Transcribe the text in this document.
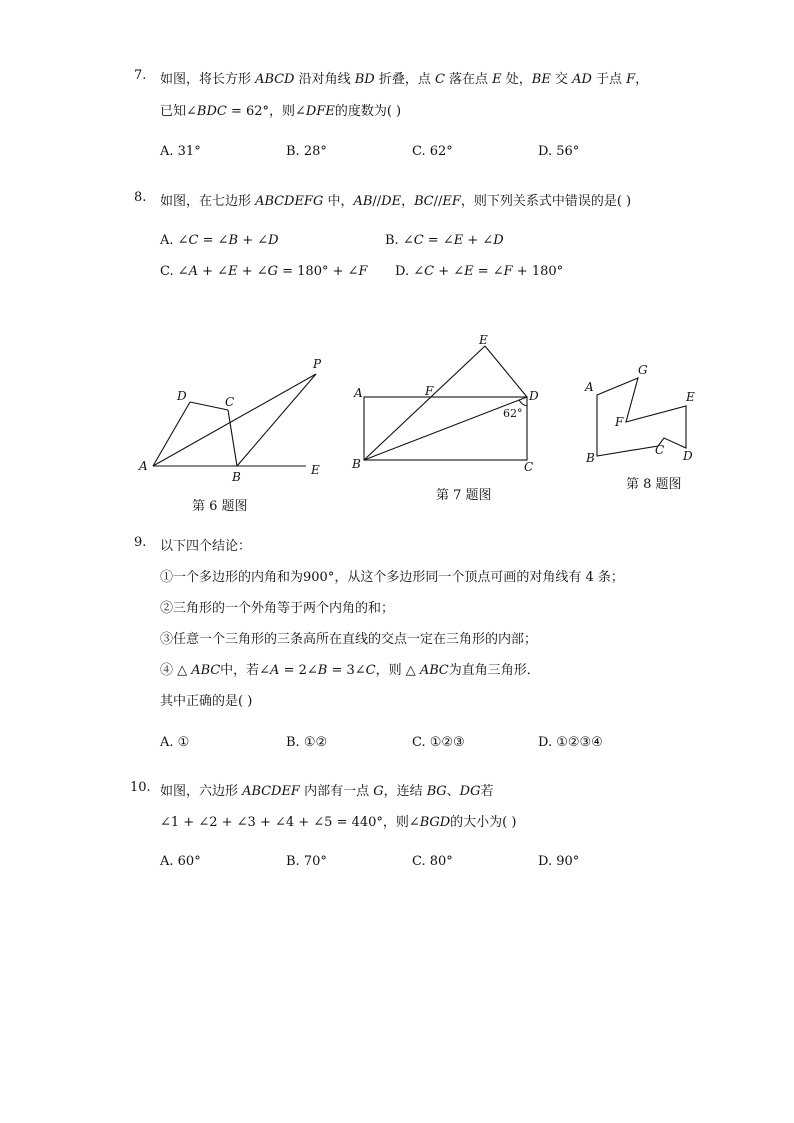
7. 如图，将长方形 𝐴𝐵𝐶𝐷 沿对角线 𝐵𝐷 折叠，点 𝐶 落在点 𝐸 处，𝐵𝐸 交 𝐴𝐷 于点 𝐹，
已知∠𝐵𝐷𝐶 = 62°，则∠𝐷𝐹𝐸的度数为( )
A. 31°	B. 28°	C. 62°	D. 56°
8. 如图，在七边形 𝐴𝐵𝐶𝐷𝐸𝐹𝐺 中，𝐴𝐵//𝐷𝐸，𝐵𝐶//𝐸𝐹，则下列关系式中错误的是( )
A. ∠𝐶 = ∠𝐵 + ∠𝐷	B. ∠𝐶 = ∠𝐸 + ∠𝐷
C. ∠𝐴 + ∠𝐸 + ∠𝐺 = 180° + ∠𝐹 D. ∠𝐶 + ∠𝐸 = ∠𝐹 + 180°
A
B
C
D
E
P
A
B	C
D
E
F
62°
A
B
C D
E
F
G
第 6 题图
第 7 题图
第 8 题图
9. 以下四个结论：
①一个多边形的内角和为900°，从这个多边形同一个顶点可画的对角线有 4 条；
②三角形的一个外角等于两个内角的和；
③任意一个三角形的三条高所在直线的交点一定在三角形的内部；
④ △ 𝐴𝐵𝐶中，若∠𝐴 = 2∠𝐵 = 3∠𝐶，则 △ 𝐴𝐵𝐶为直角三角形．
其中正确的是( )
A. ①	B. ①②	C. ①②③	D. ①②③④
10. 如图，六边形 𝐴𝐵𝐶𝐷𝐸𝐹 内部有一点 𝐺，连结 𝐵𝐺、𝐷𝐺若
∠1 + ∠2 + ∠3 + ∠4 + ∠5 = 440°，则∠𝐵𝐺𝐷的大小为( )
A. 60°	B. 70°	C. 80°	D. 90°
